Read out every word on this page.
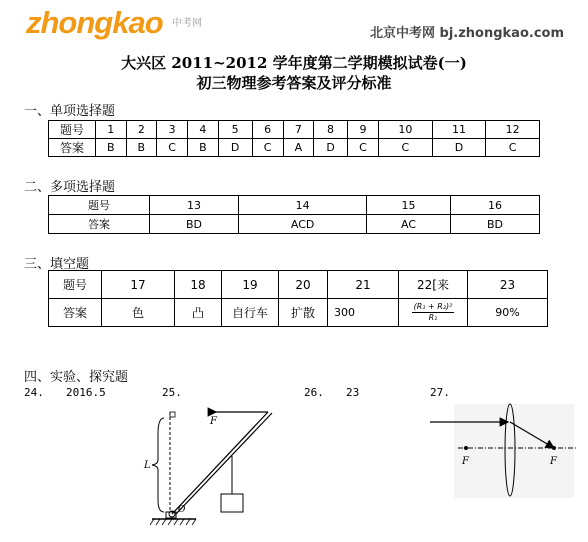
zhongkao 中考网
北京中考网 bj.zhongkao.com
大兴区 2011~2012 学年度第二学期模拟试卷(一)
初三物理参考答案及评分标准
一、单项选择题
题号	1	2	3	4	5	6	7	8	9	10	11	12
答案	B	B	C	B	D	C	A	D	C	C	D	C
二、多项选择题
题号	13	14	15	16
答案	BD	ACD	AC	BD
三、填空题
题号	17	18	19	20	21	22[来	23
答案	色	凸	自行车	扩散	300	$\frac{\text{(R₁ + R₂)²}}{\text{R₁}}$	90%
四、实验、探究题
24. 2016.5	25.	26. 23	27.
F
L
O
F	F
